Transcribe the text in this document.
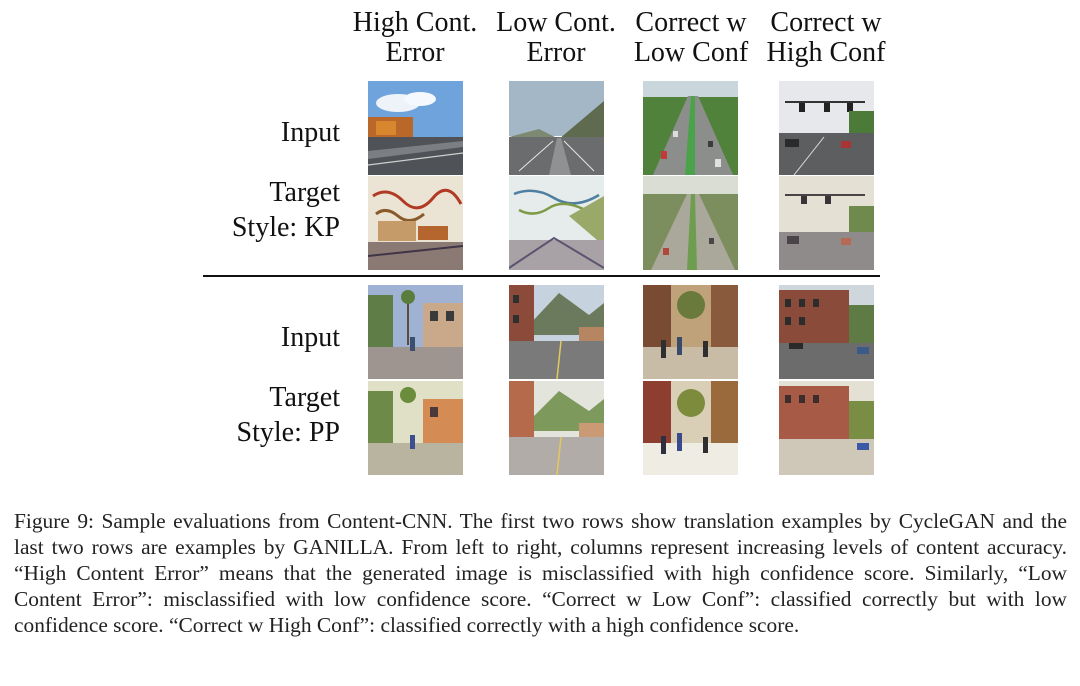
High Cont.
Error
Low Cont.
Error
Correct w
Low Conf
Correct w
High Conf
Input
Target
Style: KP
Input
Target
Style: PP
Figure 9: Sample evaluations from Content-CNN. The first two rows show translation examples by CycleGAN and the last two rows are examples by GANILLA. From left to right, columns represent increasing levels of content accuracy. “High Content Error” means that the generated image is misclassified with high confidence score. Similarly, “Low Content Error”: misclassified with low confidence score. “Correct w Low Conf”: classified correctly but with low confidence score. “Correct w High Conf”: classified correctly with a high confidence score.
